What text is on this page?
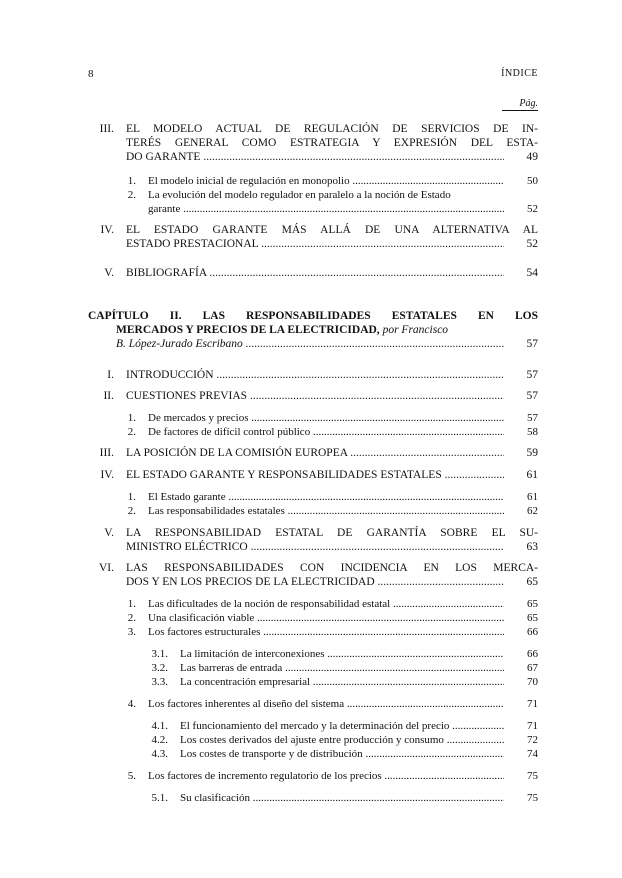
8	ÍNDICE
Pág.
III. EL MODELO ACTUAL DE REGULACIÓN DE SERVICIOS DE IN-
TERÉS GENERAL COMO ESTRATEGIA Y EXPRESIÓN DEL ESTA-
DO GARANTE .....	49
1. El modelo inicial de regulación en monopolio .....	50
2. La evolución del modelo regulador en paralelo a la noción de Estado
garante .....	52
IV. EL ESTADO GARANTE MÁS ALLÁ DE UNA ALTERNATIVA AL
ESTADO PRESTACIONAL .....	52
V. BIBLIOGRAFÍA .....	54
CAPÍTULO II. LAS RESPONSABILIDADES ESTATALES EN LOS
MERCADOS Y PRECIOS DE LA ELECTRICIDAD, por Francisco
B. López-Jurado Escribano .....	57
I. INTRODUCCIÓN .....	57
II. CUESTIONES PREVIAS .....	57
1. De mercados y precios .....	57
2. De factores de difícil control público .....	58
III. LA POSICIÓN DE LA COMISIÓN EUROPEA .....	59
IV. EL ESTADO GARANTE Y RESPONSABILIDADES ESTATALES .....	61
1. El Estado garante .....	61
2. Las responsabilidades estatales .....	62
V. LA RESPONSABILIDAD ESTATAL DE GARANTÍA SOBRE EL SU-
MINISTRO ELÉCTRICO .....	63
VI. LAS RESPONSABILIDADES CON INCIDENCIA EN LOS MERCA-
DOS Y EN LOS PRECIOS DE LA ELECTRICIDAD .....	65
1. Las dificultades de la noción de responsabilidad estatal .....	65
2. Una clasificación viable .....	65
3. Los factores estructurales .....	66
3.1. La limitación de interconexiones .....	66
3.2. Las barreras de entrada .....	67
3.3. La concentración empresarial .....	70
4. Los factores inherentes al diseño del sistema .....	71
4.1. El funcionamiento del mercado y la determinación del precio .....	71
4.2. Los costes derivados del ajuste entre producción y consumo .....	72
4.3. Los costes de transporte y de distribución .....	74
5. Los factores de incremento regulatorio de los precios .....	75
5.1. Su clasificación .....	75
